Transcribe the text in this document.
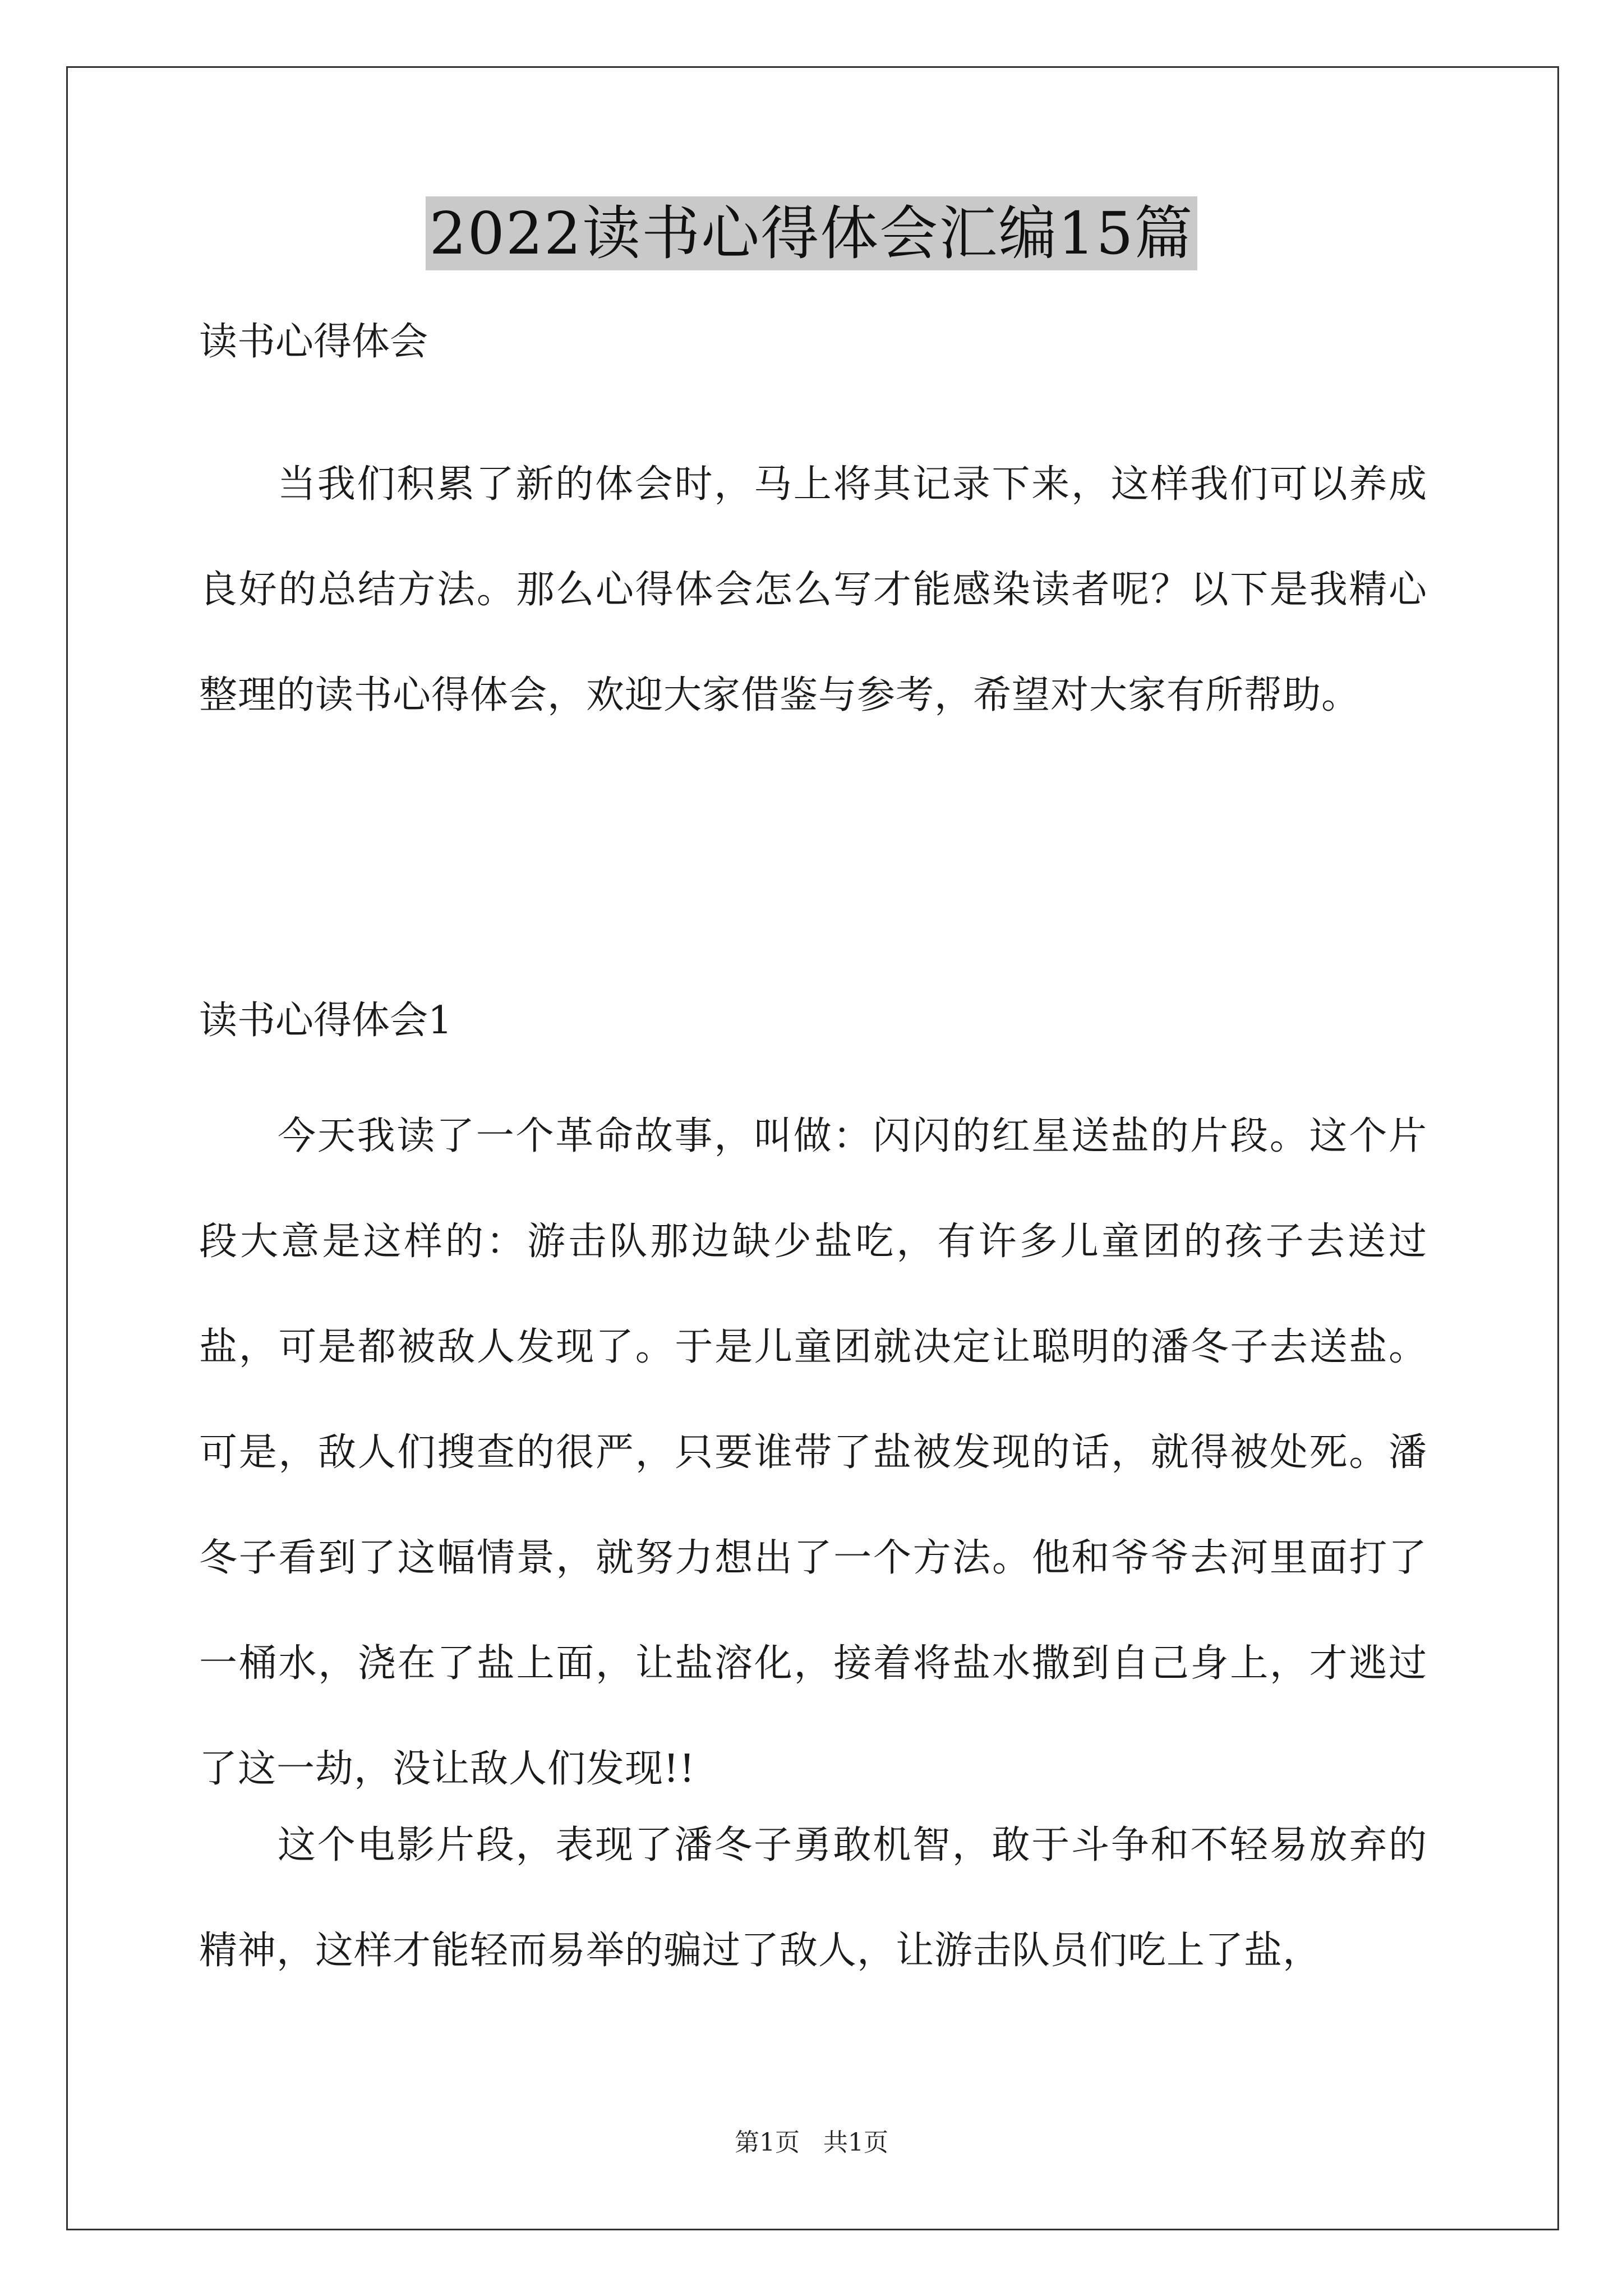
2022读书心得体会汇编15篇
读书心得体会
当我们积累了新的体会时，马上将其记录下来，这样我们可以养成良好的总结方法。那么心得体会怎么写才能感染读者呢？以下是我精心整理的读书心得体会，欢迎大家借鉴与参考，希望对大家有所帮助。
读书心得体会1
今天我读了一个革命故事，叫做：闪闪的红星送盐的片段。这个片段大意是这样的：游击队那边缺少盐吃，有许多儿童团的孩子去送过盐，可是都被敌人发现了。于是儿童团就决定让聪明的潘冬子去送盐。可是，敌人们搜查的很严，只要谁带了盐被发现的话，就得被处死。潘冬子看到了这幅情景，就努力想出了一个方法。他和爷爷去河里面打了一桶水，浇在了盐上面，让盐溶化，接着将盐水撒到自己身上，才逃过了这一劫，没让敌人们发现!!
这个电影片段，表现了潘冬子勇敢机智，敢于斗争和不轻易放弃的精神，这样才能轻而易举的骗过了敌人，让游击队员们吃上了盐，
第1页   共1页
